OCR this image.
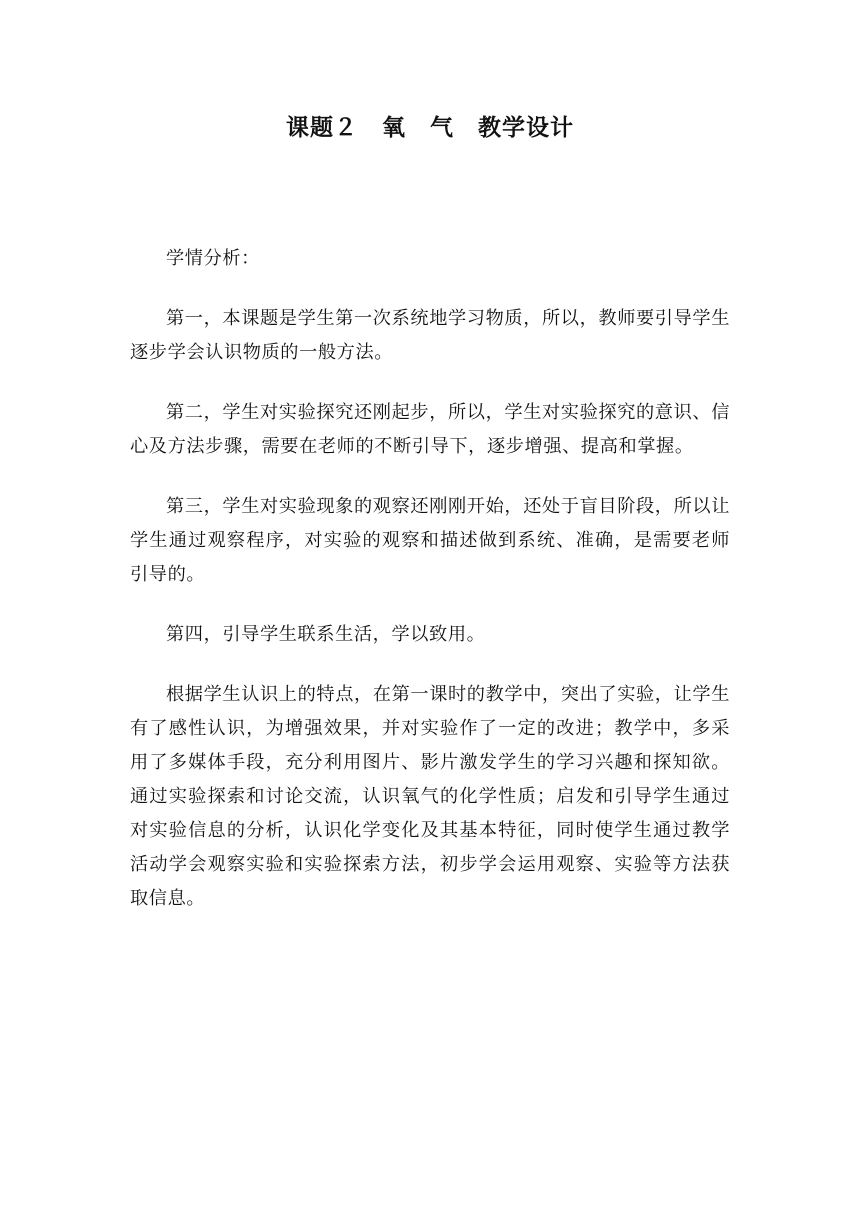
课题２　氧　气　教学设计

学情分析：

第一，本课题是学生第一次系统地学习物质，所以，教师要引导学生逐步学会认识物质的一般方法。

第二，学生对实验探究还刚起步，所以，学生对实验探究的意识、信心及方法步骤，需要在老师的不断引导下，逐步增强、提高和掌握。

第三，学生对实验现象的观察还刚刚开始，还处于盲目阶段，所以让学生通过观察程序，对实验的观察和描述做到系统、准确，是需要老师引导的。

第四，引导学生联系生活，学以致用。

根据学生认识上的特点，在第一课时的教学中，突出了实验，让学生有了感性认识，为增强效果，并对实验作了一定的改进；教学中，多采用了多媒体手段，充分利用图片、影片激发学生的学习兴趣和探知欲。通过实验探索和讨论交流，认识氧气的化学性质；启发和引导学生通过对实验信息的分析，认识化学变化及其基本特征，同时使学生通过教学活动学会观察实验和实验探索方法，初步学会运用观察、实验等方法获取信息。
